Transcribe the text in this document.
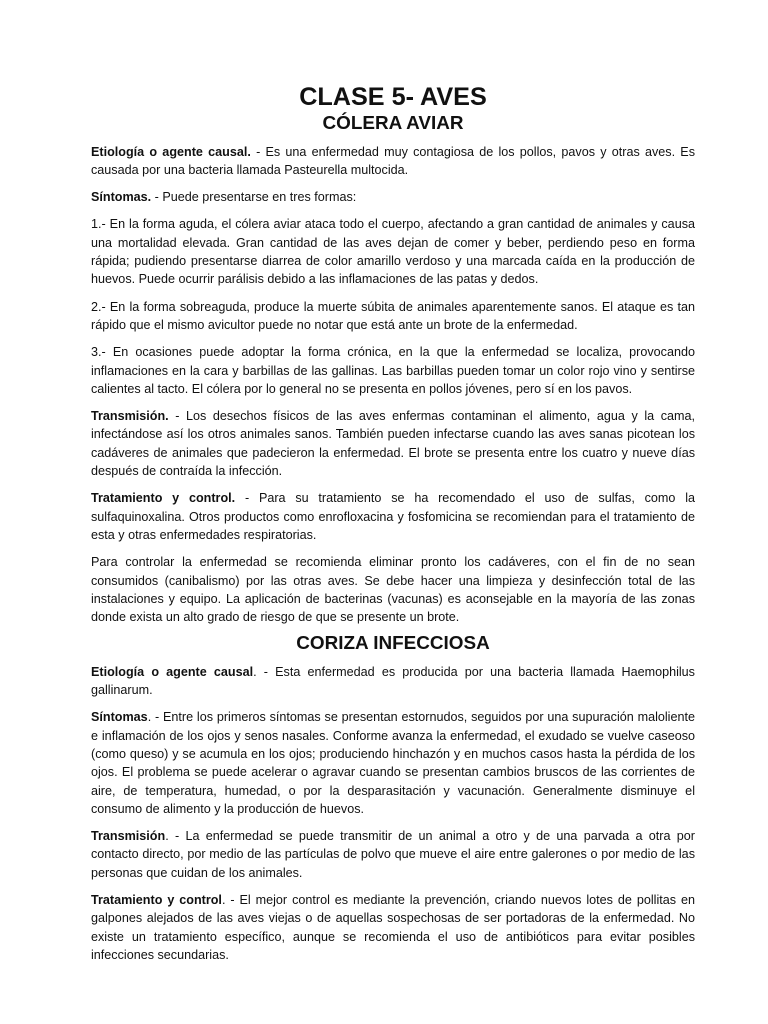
CLASE 5- AVES
CÓLERA AVIAR

Etiología o agente causal. - Es una enfermedad muy contagiosa de los pollos, pavos y otras aves. Es causada por una bacteria llamada Pasteurella multocida.

Síntomas. - Puede presentarse en tres formas:

1.- En la forma aguda, el cólera aviar ataca todo el cuerpo, afectando a gran cantidad de animales y causa una mortalidad elevada. Gran cantidad de las aves dejan de comer y beber, perdiendo peso en forma rápida; pudiendo presentarse diarrea de color amarillo verdoso y una marcada caída en la producción de huevos. Puede ocurrir parálisis debido a las inflamaciones de las patas y dedos.

2.- En la forma sobreaguda, produce la muerte súbita de animales aparentemente sanos. El ataque es tan rápido que el mismo avicultor puede no notar que está ante un brote de la enfermedad.

3.- En ocasiones puede adoptar la forma crónica, en la que la enfermedad se localiza, provocando inflamaciones en la cara y barbillas de las gallinas. Las barbillas pueden tomar un color rojo vino y sentirse calientes al tacto. El cólera por lo general no se presenta en pollos jóvenes, pero sí en los pavos.

Transmisión. - Los desechos físicos de las aves enfermas contaminan el alimento, agua y la cama, infectándose así los otros animales sanos. También pueden infectarse cuando las aves sanas picotean los cadáveres de animales que padecieron la enfermedad. El brote se presenta entre los cuatro y nueve días después de contraída la infección.

Tratamiento y control. - Para su tratamiento se ha recomendado el uso de sulfas, como la sulfaquinoxalina. Otros productos como enrofloxacina y fosfomicina se recomiendan para el tratamiento de esta y otras enfermedades respiratorias.

Para controlar la enfermedad se recomienda eliminar pronto los cadáveres, con el fin de no sean consumidos (canibalismo) por las otras aves. Se debe hacer una limpieza y desinfección total de las instalaciones y equipo. La aplicación de bacterinas (vacunas) es aconsejable en la mayoría de las zonas donde exista un alto grado de riesgo de que se presente un brote.

CORIZA INFECCIOSA

Etiología o agente causal. - Esta enfermedad es producida por una bacteria llamada Haemophilus gallinarum.

Síntomas. - Entre los primeros síntomas se presentan estornudos, seguidos por una supuración maloliente e inflamación de los ojos y senos nasales. Conforme avanza la enfermedad, el exudado se vuelve caseoso (como queso) y se acumula en los ojos; produciendo hinchazón y en muchos casos hasta la pérdida de los ojos. El problema se puede acelerar o agravar cuando se presentan cambios bruscos de las corrientes de aire, de temperatura, humedad, o por la desparasitación y vacunación. Generalmente disminuye el consumo de alimento y la producción de huevos.

Transmisión. - La enfermedad se puede transmitir de un animal a otro y de una parvada a otra por contacto directo, por medio de las partículas de polvo que mueve el aire entre galerones o por medio de las personas que cuidan de los animales.

Tratamiento y control. - El mejor control es mediante la prevención, criando nuevos lotes de pollitas en galpones alejados de las aves viejas o de aquellas sospechosas de ser portadoras de la enfermedad. No existe un tratamiento específico, aunque se recomienda el uso de antibióticos para evitar posibles infecciones secundarias.
